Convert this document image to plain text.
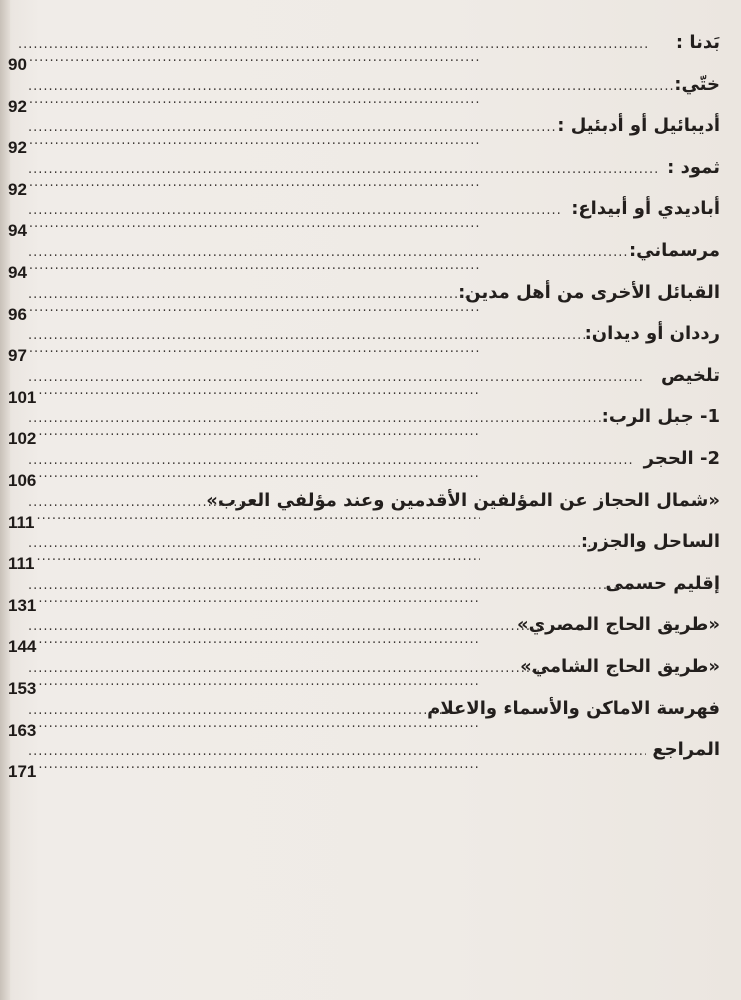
بَدنا :
.....
90
.....
ختّي:
.....
92
.....
أديبائيل أو أدبئيل :
.....
92
.....
ثمود :
.....
92
.....
أباديدي أو أبيداع:
.....
94
.....
مرسماني:
.....
94
.....
القبائل الأخرى من أهل مدين:
.....
96
.....
رددان أو ديدان:
.....
97
.....
تلخيص
.....
101
.....
1- جبل الرب:
.....
102
.....
2- الحجر
.....
106
.....
«شمال الحجاز عن المؤلفين الأقدمين وعند مؤلفي العرب»
.....
111
.....
الساحل والجزر:
.....
111
.....
إقليم حسمى
.....
131
.....
«طريق الحاج المصري»
.....
144
.....
«طريق الحاج الشامي»
.....
153
.....
فهرسة الاماكن والأسماء والاعلام
.....
163
.....
المراجع
.....
171
.....
